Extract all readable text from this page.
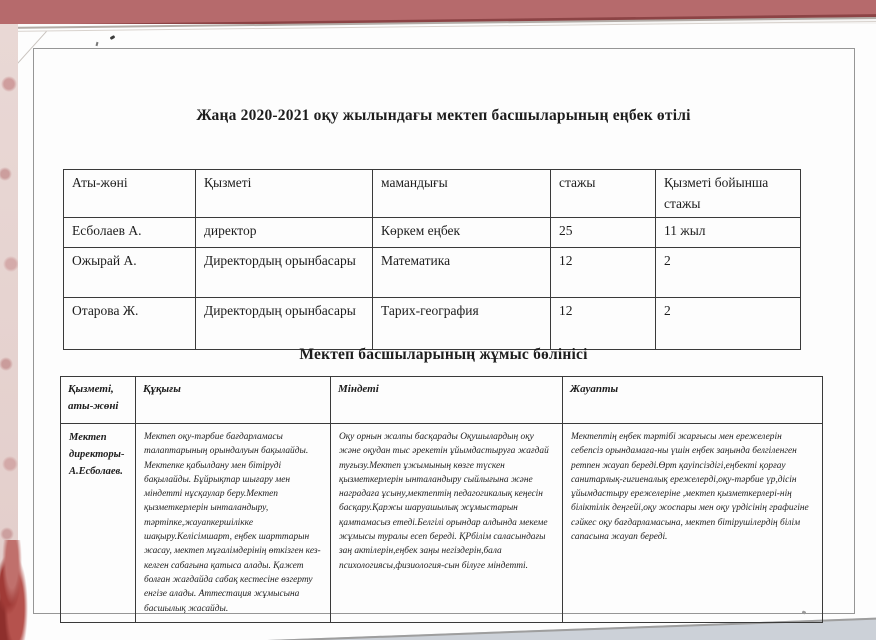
Жаңа 2020-2021 оқу жылындағы мектеп басшыларының еңбек өтілі
Аты-жөні	Қызметі	мамандығы	стажы	Қызметі бойынша стажы
Есболаев А.	директор	Көркем еңбек	25	11 жыл
Ожырай А.	Директордың орынбасары	Математика	12	2
Отарова Ж.	Директордың орынбасары	Тарих-география	12	2
Мектеп басшыларының жұмыс бөлінісі
Қызметі, аты-жөні	Құқығы	Міндеті	Жауапты
Мектеп директоры- А.Есболаев.	Мектеп оқу-тәрбие бағдарламасы талаптарының орындалуын бақылайды. Мектепке қабылдану мен бітіруді бақылайды. Бұйрықтар шығару мен міндетті нұсқаулар беру.Мектеп қызметкерлерін ынталандыру, тәртіпке,жауапкершілікке шақыру.Келісімшарт, еңбек шарттарын жасау, мектеп мұғалімдерінің өткізген кез-келген сабағына қатыса алады. Қажет болған жағдайда сабақ кестесіне өзгерту енгізе алады. Аттестация жұмысына басшылық жасайды.	Оқу орнын жалпы басқарады Оқушылардың оқу және оқудан тыс әрекетін ұйымдастыруға жағдай туғызу.Мектеп ұжымының көзге түскен қызметкерлерін ынталандыру сыйлығына және наградаға ұсыну,мектептің педагогикалық кеңесін басқару.Қаржы шаруашылық жұмыстарын қамтамасыз етеді.Белгілі орындар алдында мекеме жұмысы туралы есеп береді. ҚРбілім саласындағы заң актілерін,еңбек заңы негіздерін,бала психологиясы,физиология-сын білуге міндетті.	Мектептің еңбек тәртібі жарғысы мен ережелерін себепсіз орындамаға-ны үшін еңбек заңында белгіленген ретпен жауап береді.Өрт қауіпсіздігі,еңбекті қорғау санитарлық-гигиеналық ережелерді,оқу-тәрбие үр,дісін ұйымдастыру ережелеріне ,мектеп қызметкерлері-нің біліктілік деңгейі,оқу жоспары мен оқу үрдісінің графигіне сәйкес оқу бағдарламасына, мектеп бітірушілердің білім сапасына жауап береді.
